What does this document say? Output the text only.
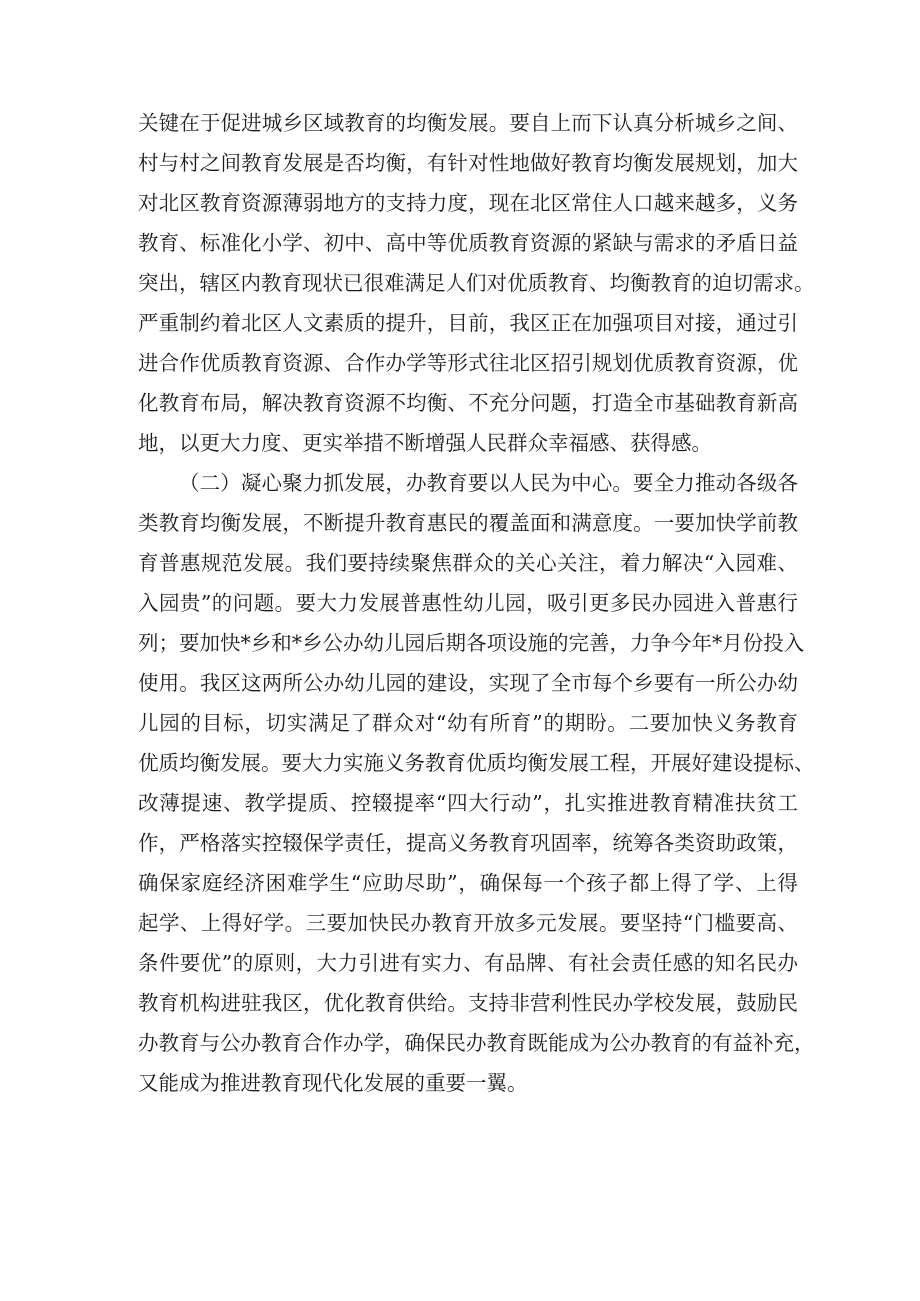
关键在于促进城乡区域教育的均衡发展。要自上而下认真分析城乡之间、
村与村之间教育发展是否均衡，有针对性地做好教育均衡发展规划，加大
对北区教育资源薄弱地方的支持力度，现在北区常住人口越来越多，义务
教育、标准化小学、初中、高中等优质教育资源的紧缺与需求的矛盾日益
突出，辖区内教育现状已很难满足人们对优质教育、均衡教育的迫切需求。
严重制约着北区人文素质的提升，目前，我区正在加强项目对接，通过引
进合作优质教育资源、合作办学等形式往北区招引规划优质教育资源，优
化教育布局，解决教育资源不均衡、不充分问题，打造全市基础教育新高
地，以更大力度、更实举措不断增强人民群众幸福感、获得感。
（二）凝心聚力抓发展，办教育要以人民为中心。要全力推动各级各
类教育均衡发展，不断提升教育惠民的覆盖面和满意度。一要加快学前教
育普惠规范发展。我们要持续聚焦群众的关心关注，着力解决“入园难、
入园贵”的问题。要大力发展普惠性幼儿园，吸引更多民办园进入普惠行
列；要加快*乡和*乡公办幼儿园后期各项设施的完善，力争今年*月份投入
使用。我区这两所公办幼儿园的建设，实现了全市每个乡要有一所公办幼
儿园的目标，切实满足了群众对“幼有所育”的期盼。二要加快义务教育
优质均衡发展。要大力实施义务教育优质均衡发展工程，开展好建设提标、
改薄提速、教学提质、控辍提率“四大行动”，扎实推进教育精准扶贫工
作，严格落实控辍保学责任，提高义务教育巩固率，统筹各类资助政策，
确保家庭经济困难学生“应助尽助”，确保每一个孩子都上得了学、上得
起学、上得好学。三要加快民办教育开放多元发展。要坚持“门槛要高、
条件要优”的原则，大力引进有实力、有品牌、有社会责任感的知名民办
教育机构进驻我区，优化教育供给。支持非营利性民办学校发展，鼓励民
办教育与公办教育合作办学，确保民办教育既能成为公办教育的有益补充，
又能成为推进教育现代化发展的重要一翼。
